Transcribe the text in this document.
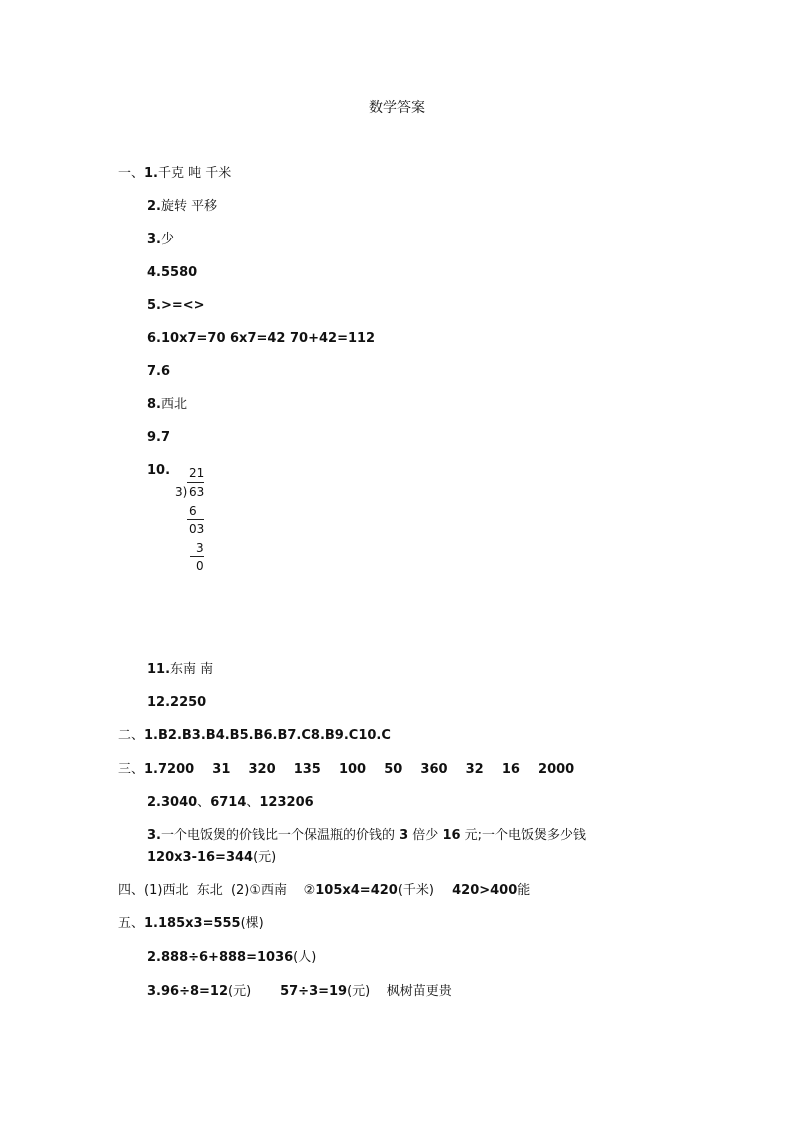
数学答案
一、1.千克 吨 千米
2.旋转 平移
3.少
4.5580
5.>=<>
6.10x7=70 6x7=42 70+42=112
7.6
8.西北
9.7
10. 21
3) 63
6
03
3
0
11.东南 南
12.2250
二、1.B2.B3.B4.B5.B6.B7.C8.B9.C10.C
三、1.7200    31    320    135    100    50    360    32    16    2000
2.3040、6714、123206
3.一个电饭煲的价钱比一个保温瓶的价钱的 3 倍少 16 元;一个电饭煲多少钱
120x3-16=344(元)
四、(1)西北  东北  (2)①西南    ②105x4=420(千米)    420>400能
五、1.185x3=555(棵)
2.888÷6+888=1036(人)
3.96÷8=12(元) 57÷3=19(元) 枫树苗更贵
